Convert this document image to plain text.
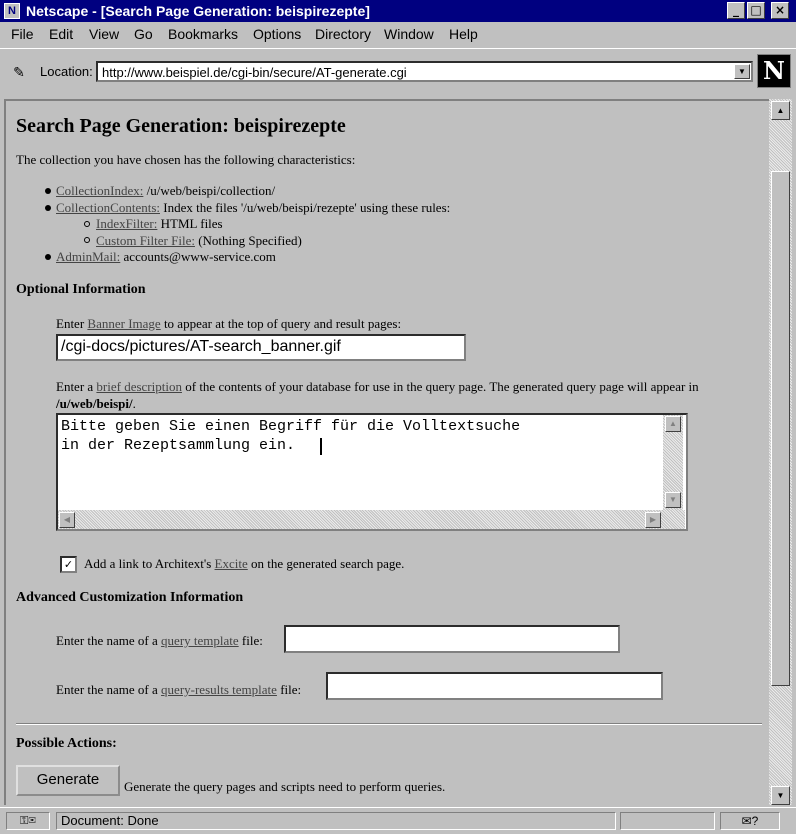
N Netscape - [Search Page Generation: beispirezepte]	_ □	×
File Edit View Go Bookmarks Options Directory Window Help
✎ Location: http://www.beispiel.de/cgi-bin/secure/AT-generate.cgi	▼ N
Search Page Generation: beispirezepte
The collection you have chosen has the following characteristics:
CollectionIndex: /u/web/beispi/collection/
CollectionContents: Index the files '/u/web/beispi/rezepte' using these rules:
IndexFilter: HTML files
Custom Filter File: (Nothing Specified)
AdminMail: accounts@www-service.com
Optional Information
Enter Banner Image to appear at the top of query and result pages:
/cgi-docs/pictures/AT-search_banner.gif
Enter a brief description of the contents of your database for use in the query page. The generated query page will appear in
/u/web/beispi/.
Bitte geben Sie einen Begriff für die Volltextsuche
in der Rezeptsammlung ein.
▲
▼
◀	▶
✓ Add a link to Architext's Excite on the generated search page.
Advanced Customization Information
Enter the name of a query template file:
Enter the name of a query-results template file:
Possible Actions:
Generate	Generate the query pages and scripts need to perform queries.
▲
▼
⚿✉	Document: Done	✉?
